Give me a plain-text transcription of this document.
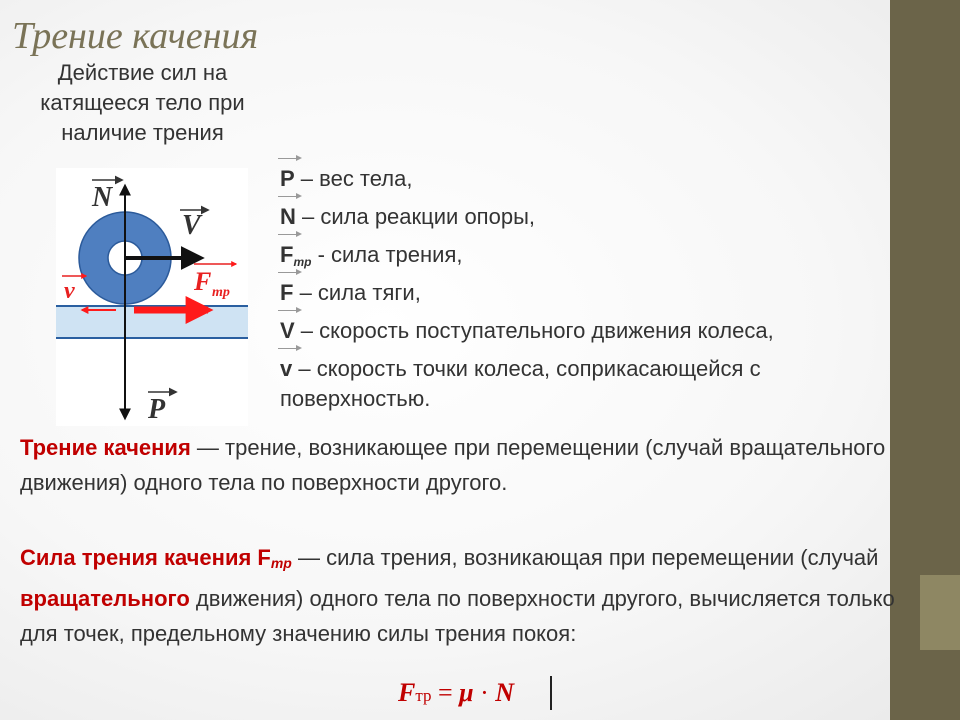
Трение качения

Действие сил на катящееся тело при наличие трения

N
V
v	F тр
P
P – вес тела,
N – сила реакции опоры,
$F_{тр}$ - сила трения,
F – сила тяги,
V – скорость поступательного движения колеса,
v – скорость точки колеса, соприкасающейся с поверхностью.

Трение качения — трение, возникающее при перемещении (случай вращательного движения) одного тела по поверхности другого.

Сила трения качения $F_{тр}$ — сила трения, возникающая при перемещении (случай вращательного движения) одного тела по поверхности другого, вычисляется только для точек, предельному значению силы трения покоя:

Fтр = μ · N
